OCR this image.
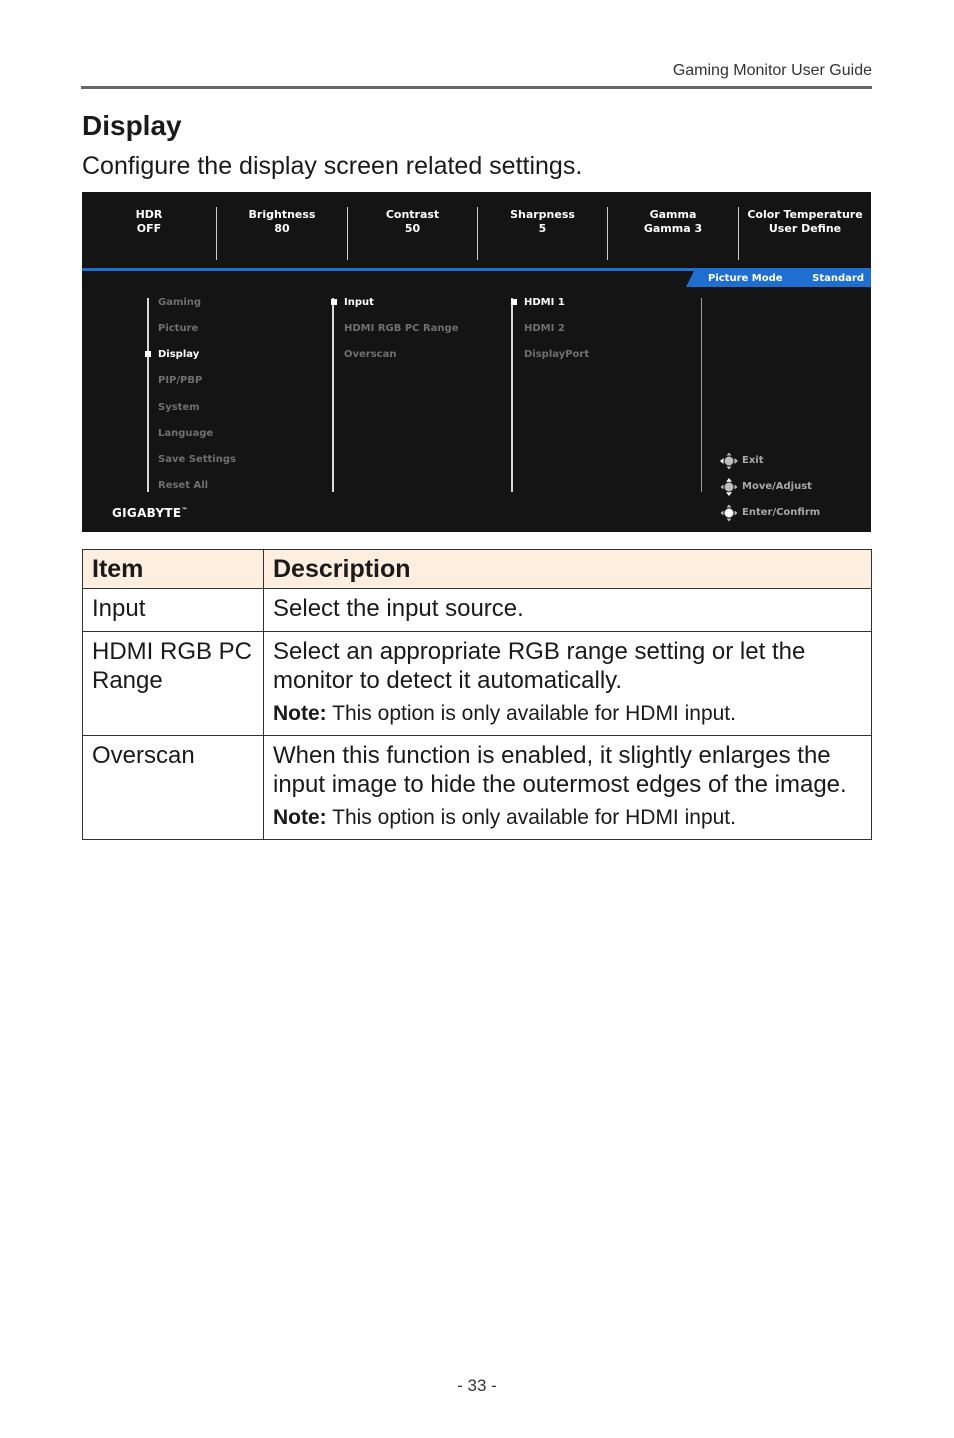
Gaming Monitor User Guide
Display

Configure the display screen related settings.

HDR
OFF
Brightness
80
Contrast
50
Sharpness
5
Gamma
Gamma 3
Color Temperature
User Define
Picture Mode	Standard
Gaming
Picture
Display
PIP/PBP
System
Language
Save Settings
Reset All
Input
HDMI RGB PC Range
Overscan
HDMI 1
HDMI 2
DisplayPort
Exit
Move/Adjust
Enter/Confirm
GIGABYTE™
Item	Description
Input	Select the input source.
HDMI RGB PC Range	Select an appropriate RGB range setting or let the monitor to detect it automatically.
Note: This option is only available for HDMI input.

Overscan	When this function is enabled, it slightly enlarges the input image to hide the outermost edges of the image.
Note: This option is only available for HDMI input.
- 33 -
